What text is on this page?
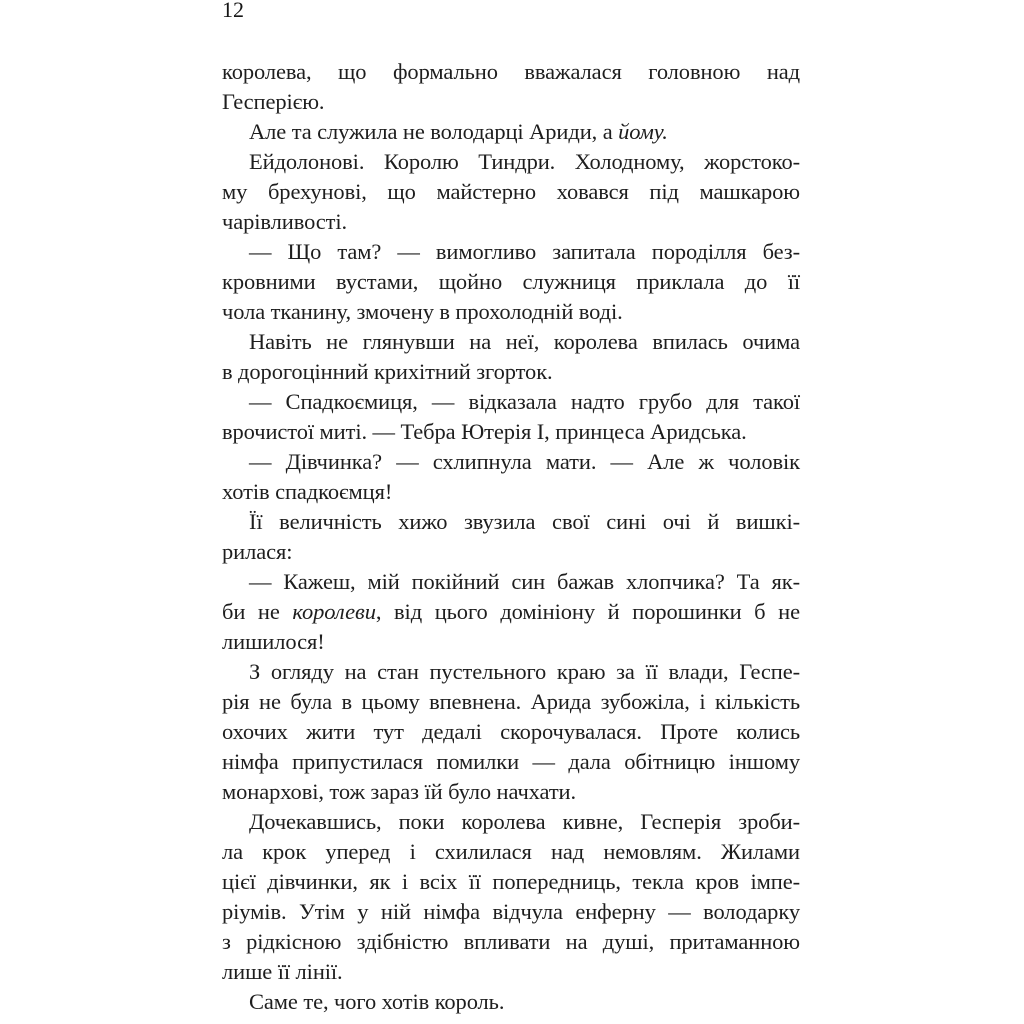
12
королева, що формально вважалася головною над
Гесперією.
Але та служила не володарці Ариди, а йому.
Ейдолонові. Королю Тиндри. Холодному, жорстоко-
му брехунові, що майстерно ховався під машкарою
чарівливості.
— Що там? — вимогливо запитала породілля без-
кровними вустами, щойно служниця приклала до її
чола тканину, змочену в прохолодній воді.
Навіть не глянувши на неї, королева впилась очима
в дорогоцінний крихітний згорток.
— Спадкоємиця, — відказала надто грубо для такої
врочистої миті. — Тебра Ютерія І, принцеса Аридська.
— Дівчинка? — схлипнула мати. — Але ж чоловік
хотів спадкоємця!
Її величність хижо звузила свої сині очі й вишкі-
рилася:
— Кажеш, мій покійний син бажав хлопчика? Та як-
би не королеви, від цього домініону й порошинки б не
лишилося!
З огляду на стан пустельного краю за її влади, Геспе-
рія не була в цьому впевнена. Арида зубожіла, і кількість
охочих жити тут дедалі скорочувалася. Проте колись
німфа припустилася помилки — дала обітницю іншому
монархові, тож зараз їй було начхати.
Дочекавшись, поки королева кивне, Гесперія зроби-
ла крок уперед і схилилася над немовлям. Жилами
цієї дівчинки, як і всіх її попередниць, текла кров імпе-
ріумів. Утім у ній німфа відчула енферну — володарку
з рідкісною здібністю впливати на душі, притаманною
лише її лінії.
Саме те, чого хотів король.
